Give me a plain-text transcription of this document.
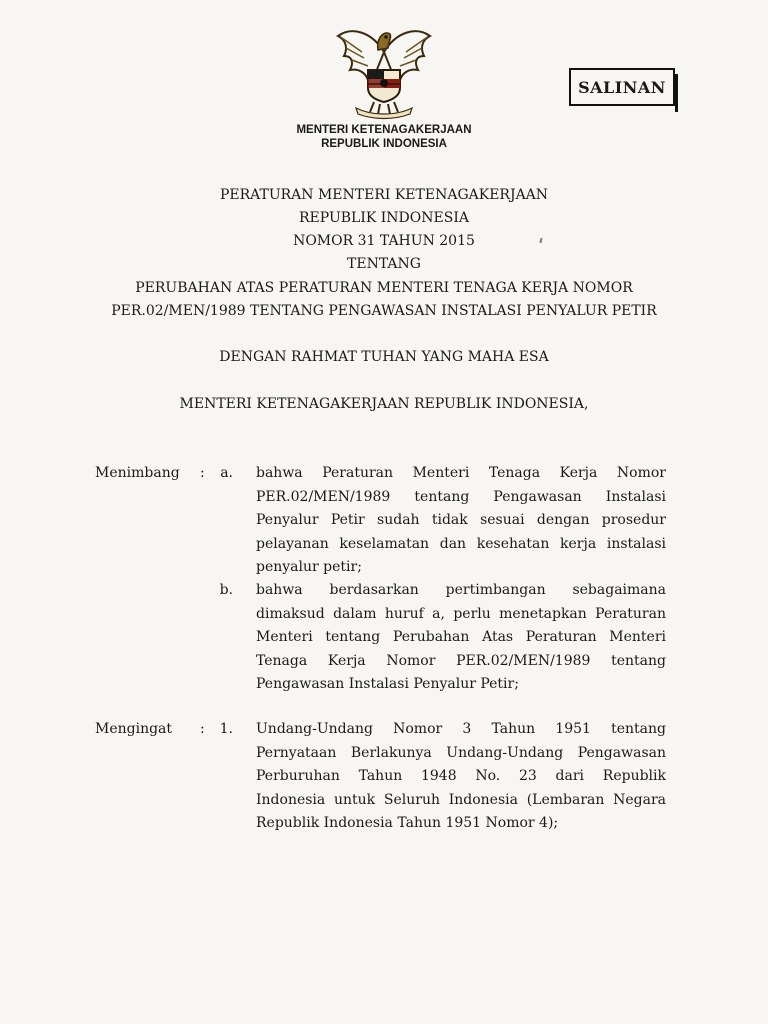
SALINAN
MENTERI KETENAGAKERJAAN
REPUBLIK INDONESIA
PERATURAN MENTERI KETENAGAKERJAAN
REPUBLIK INDONESIA
NOMOR 31 TAHUN 2015
TENTANG
PERUBAHAN ATAS PERATURAN MENTERI TENAGA KERJA NOMOR
PER.02/MEN/1989 TENTANG PENGAWASAN INSTALASI PENYALUR PETIR
DENGAN RAHMAT TUHAN YANG MAHA ESA
MENTERI KETENAGAKERJAAN REPUBLIK INDONESIA,
Menimbang :	a. bahwa Peraturan Menteri Tenaga Kerja Nomor
PER.02/MEN/1989 tentang Pengawasan Instalasi
Penyalur Petir sudah tidak sesuai dengan prosedur
pelayanan keselamatan dan kesehatan kerja instalasi
penyalur petir;
b. bahwa berdasarkan pertimbangan sebagaimana
dimaksud dalam huruf a, perlu menetapkan Peraturan
Menteri tentang Perubahan Atas Peraturan Menteri
Tenaga Kerja Nomor PER.02/MEN/1989 tentang
Pengawasan Instalasi Penyalur Petir;
Mengingat :	1. Undang-Undang Nomor 3 Tahun 1951 tentang
Pernyataan Berlakunya Undang-Undang Pengawasan
Perburuhan Tahun 1948 No. 23 dari Republik
Indonesia untuk Seluruh Indonesia (Lembaran Negara
Republik Indonesia Tahun 1951 Nomor 4);
